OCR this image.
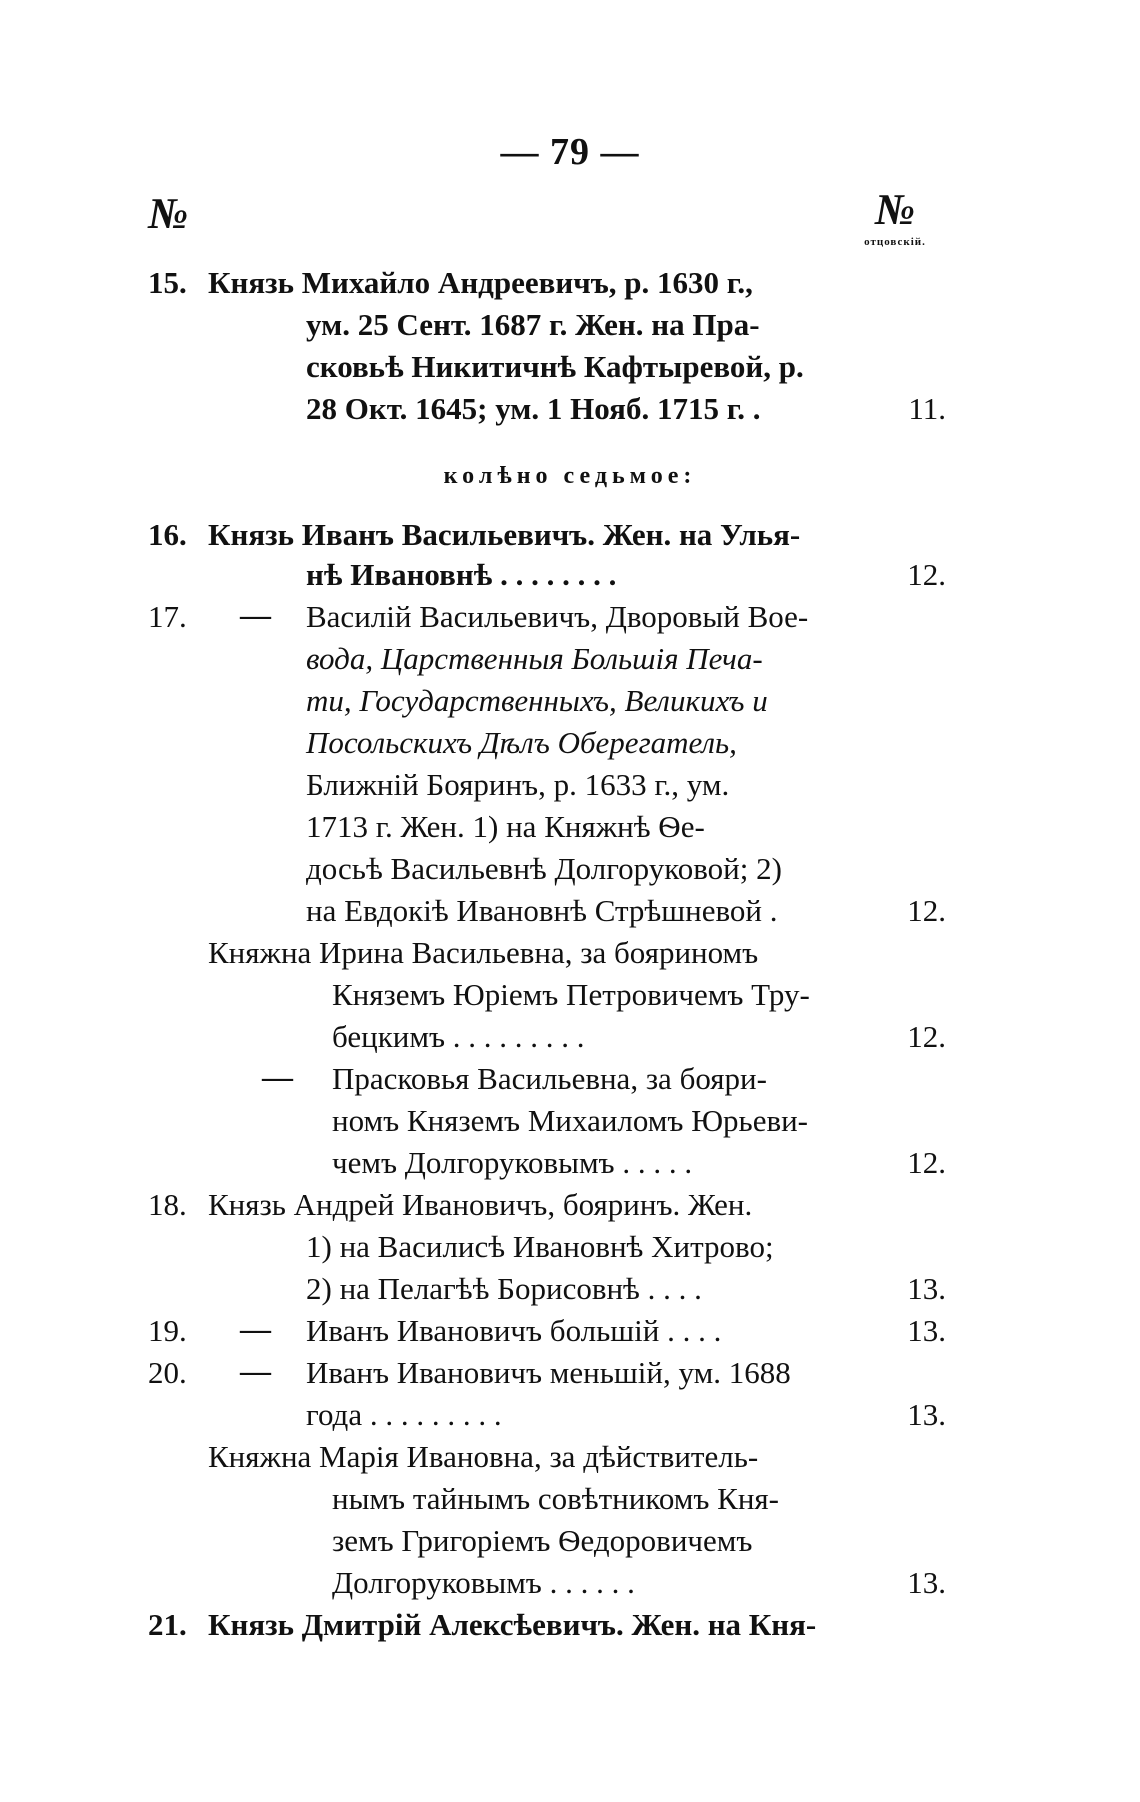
— 79 —
№	№
отцовскій.
15. Князь Михайло Андреевичъ, р. 1630 г.,
ум. 25 Сент. 1687 г. Жен. на Пра-
сковьѣ Никитичнѣ Кафтыревой, р.
28 Окт. 1645; ум. 1 Нояб. 1715 г. .	11.
колѣно седьмое:
16. Князь Иванъ Васильевичъ. Жен. на Улья-
нѣ Ивановнѣ . . . . . . . .	12.
17.	— Василій Васильевичъ, Дворовый Вое-
вода, Царственныя Большія Печа-
ти, Государственныхъ, Великихъ и
Посольскихъ Дѣлъ Оберегатель,
Ближній Бояринъ, р. 1633 г., ум.
1713 г. Жен. 1) на Княжнѣ Ѳе-
досьѣ Васильевнѣ Долгоруковой; 2)
на Евдокіѣ Ивановнѣ Стрѣшневой .	12.
Княжна Ирина Васильевна, за бояриномъ
Княземъ Юріемъ Петровичемъ Тру-
бецкимъ . . . . . . . . .	12.
— Прасковья Васильевна, за бояри-
номъ Княземъ Михаиломъ Юрьеви-
чемъ Долгоруковымъ . . . . .	12.
18. Князь Андрей Ивановичъ, бояринъ. Жен.
1) на Василисѣ Ивановнѣ Хитрово;
2) на Пелагѣѣ Борисовнѣ . . . .	13.
19.	— Иванъ Ивановичъ большій . . . .	13.
20.	— Иванъ Ивановичъ меньшій, ум. 1688
года . . . . . . . . .	13.
Княжна Марія Ивановна, за дѣйствитель-
нымъ тайнымъ совѣтникомъ Кня-
земъ Григоріемъ Ѳедоровичемъ
Долгоруковымъ . . . . . .	13.
21. Князь Дмитрій Алексѣевичъ. Жен. на Кня-
